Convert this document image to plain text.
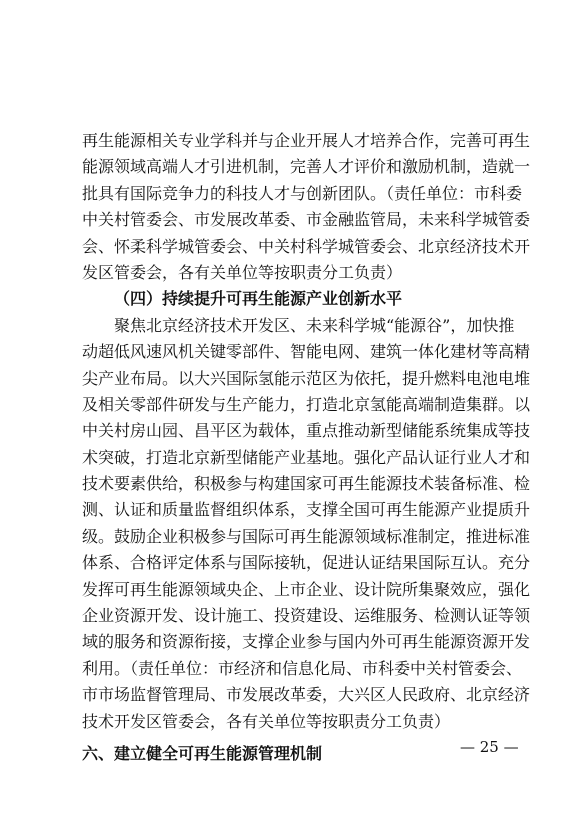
再生能源相关专业学科并与企业开展人才培养合作，完善可再生
能源领域高端人才引进机制，完善人才评价和激励机制，造就一
批具有国际竞争力的科技人才与创新团队。（责任单位：市科委
中关村管委会、市发展改革委、市金融监管局，未来科学城管委
会、怀柔科学城管委会、中关村科学城管委会、北京经济技术开
发区管委会，各有关单位等按职责分工负责）
（四）持续提升可再生能源产业创新水平
聚焦北京经济技术开发区、未来科学城“能源谷”，加快推
动超低风速风机关键零部件、智能电网、建筑一体化建材等高精
尖产业布局。以大兴国际氢能示范区为依托，提升燃料电池电堆
及相关零部件研发与生产能力，打造北京氢能高端制造集群。以
中关村房山园、昌平区为载体，重点推动新型储能系统集成等技
术突破，打造北京新型储能产业基地。强化产品认证行业人才和
技术要素供给，积极参与构建国家可再生能源技术装备标准、检
测、认证和质量监督组织体系，支撑全国可再生能源产业提质升
级。鼓励企业积极参与国际可再生能源领域标准制定，推进标准
体系、合格评定体系与国际接轨，促进认证结果国际互认。充分
发挥可再生能源领域央企、上市企业、设计院所集聚效应，强化
企业资源开发、设计施工、投资建设、运维服务、检测认证等领
域的服务和资源衔接，支撑企业参与国内外可再生能源资源开发
利用。（责任单位：市经济和信息化局、市科委中关村管委会、
市市场监督管理局、市发展改革委，大兴区人民政府、北京经济
技术开发区管委会，各有关单位等按职责分工负责）
六、建立健全可再生能源管理机制	— 25 —
